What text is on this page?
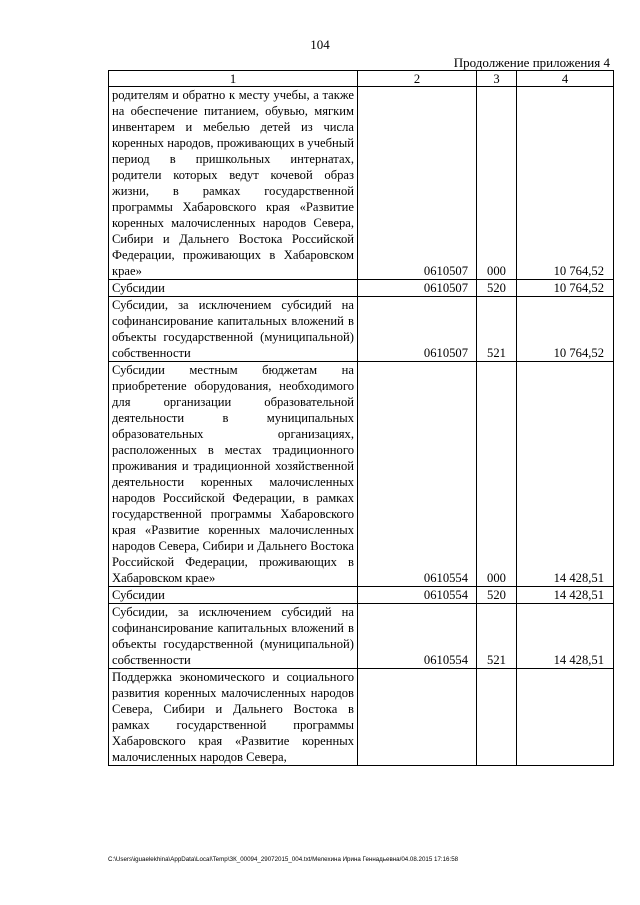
104
Продолжение приложения 4
1	2	3	4
родителям и обратно к месту учебы, а также на обеспечение питанием, обувью, мягким инвентарем и мебелью детей из числа коренных народов, проживающих в учебный период в пришкольных интернатах, родители которых ведут кочевой образ жизни, в рамках государственной программы Хабаровского края «Развитие коренных малочисленных народов Севера, Сибири и Дальнего Востока Российской Федерации, проживающих в Хабаровском крае»	0610507	000	10 764,52
Субсидии	0610507	520	10 764,52
Субсидии, за исключением субсидий на софинансирование капитальных вложений в объекты государственной (муниципальной) собственности	0610507	521	10 764,52
Субсидии местным бюджетам на приобретение оборудования, необходимого для организации образовательной деятельности в муниципальных образовательных организациях, расположенных в местах традиционного проживания и традиционной хозяйственной деятельности коренных малочисленных народов Российской Федерации, в рамках государственной программы Хабаровского края «Развитие коренных малочисленных народов Севера, Сибири и Дальнего Востока Российской Федерации, проживающих в Хабаровском крае»	0610554	000	14 428,51
Субсидии	0610554	520	14 428,51
Субсидии, за исключением субсидий на софинансирование капитальных вложений в объекты государственной (муниципальной) собственности	0610554	521	14 428,51
Поддержка экономического и социального развития коренных малочисленных народов Севера, Сибири и Дальнего Востока в рамках государственной программы Хабаровского края «Развитие коренных малочисленных народов Севера,			
C:\Users\iguaelekhina\AppData\Local\Temp\ЗК_00094_29072015_004.txt/Мелехина Ирина Геннадьевна/04.08.2015 17:16:58
